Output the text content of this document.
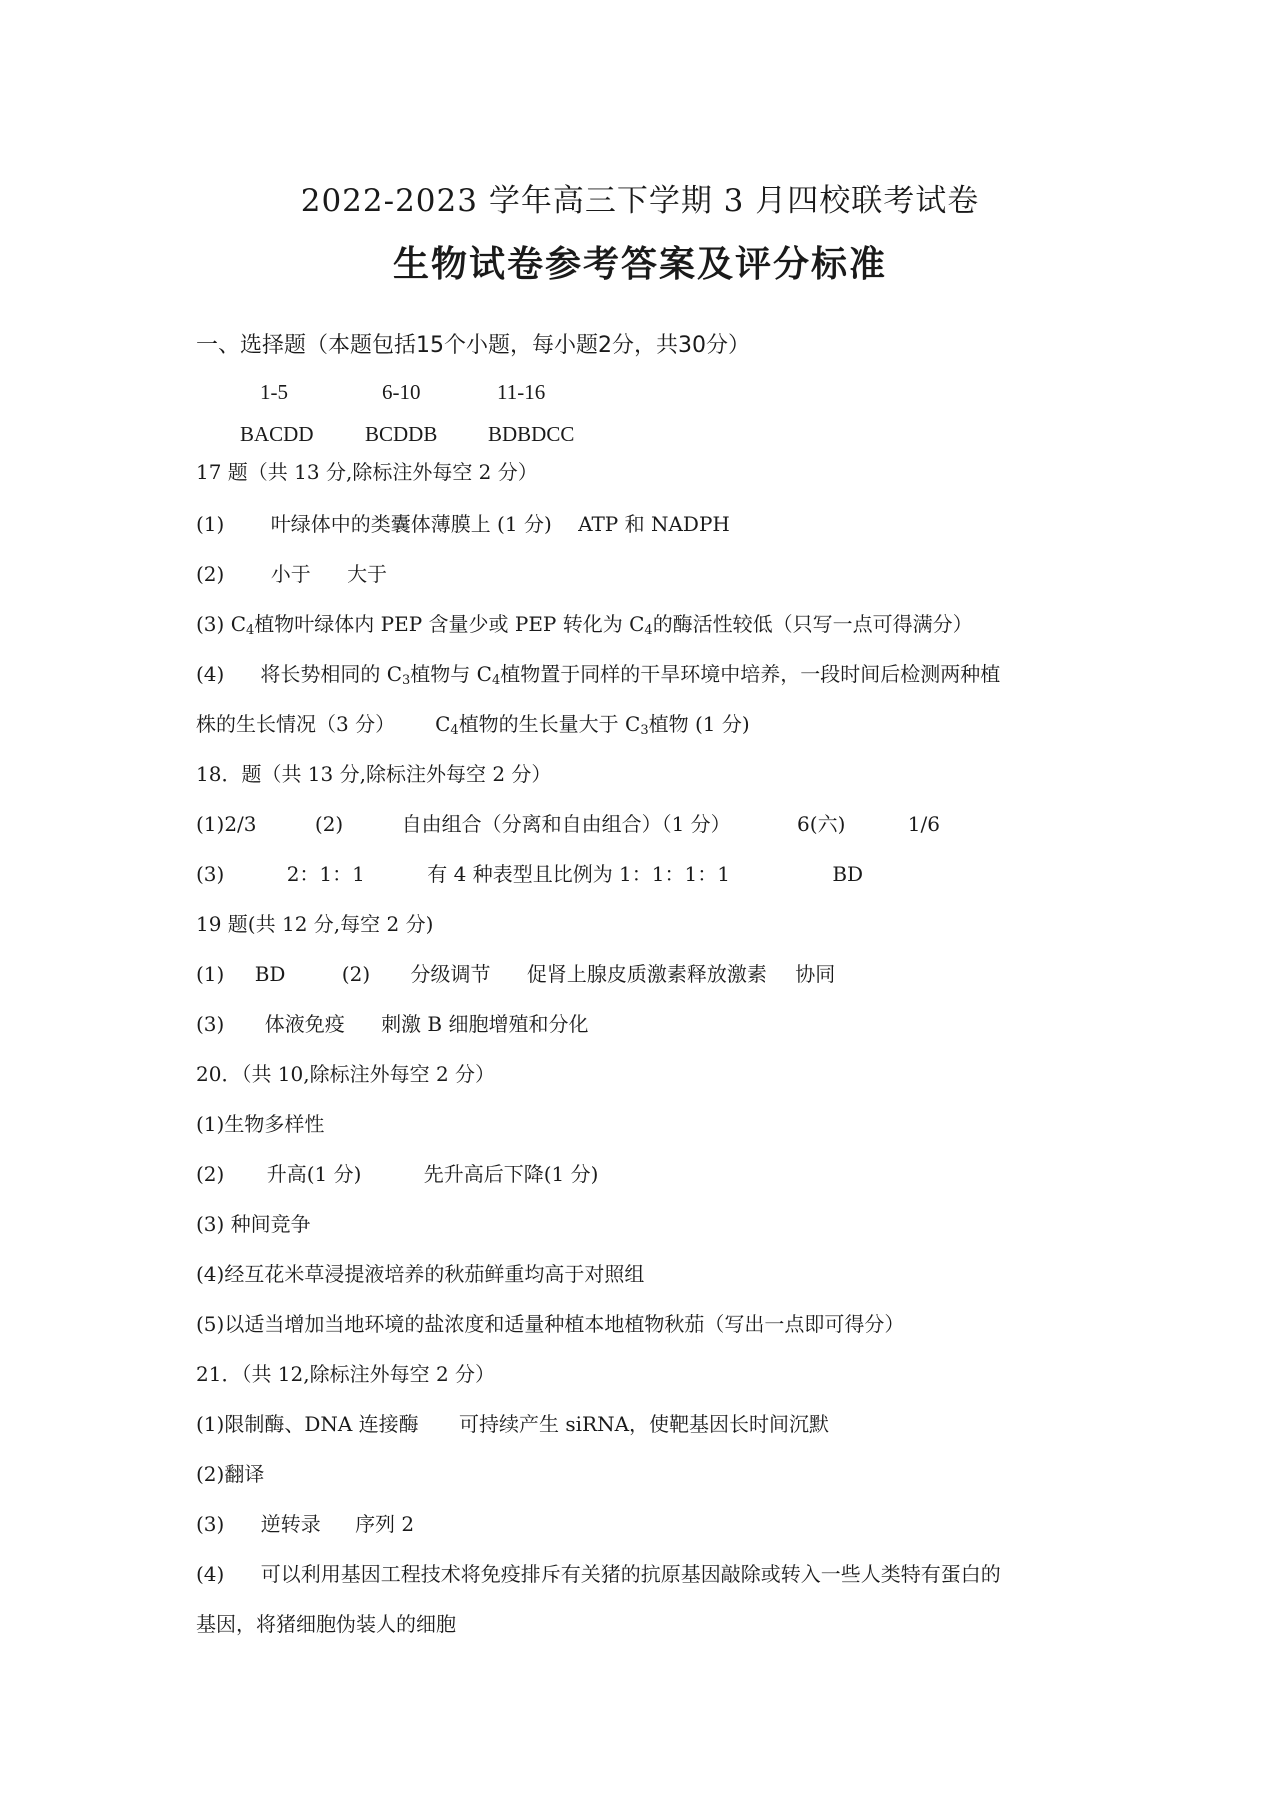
2022-2023 学年高三下学期 3 月四校联考试卷
生物试卷参考答案及评分标准
一、选择题（本题包括15个小题，每小题2分，共30分）
1-5	6-10	11-16
BACDD BCDDB BDBDCC
17 题（共 13 分,除标注外每空 2 分）
(1) 叶绿体中的类囊体薄膜上 (1 分) ATP 和 NADPH
(2) 小于 大于
(3) $C_4$植物叶绿体内 PEP 含量少或 PEP 转化为 $C_4$的酶活性较低（只写一点可得满分）
(4) 将长势相同的 $C_3$植物与 $C_4$植物置于同样的干旱环境中培养，一段时间后检测两种植
株的生长情况（3 分） $C_4$植物的生长量大于 $C_3$植物 (1 分)
18．题（共 13 分,除标注外每空 2 分）
(1)2/3	(2)	自由组合（分离和自由组合）（1 分）	6(六)	1/6
(3)	2：1：1	有 4 种表型且比例为 1：1：1：1	BD
19 题(共 12 分,每空 2 分)
(1) BD	(2) 分级调节 促肾上腺皮质激素释放激素 协同
(3) 体液免疫 刺激 B 细胞增殖和分化
20．（共 10,除标注外每空 2 分）
(1)生物多样性
(2) 升高(1 分)	先升高后下降(1 分)
(3) 种间竞争
(4)经互花米草浸提液培养的秋茄鲜重均高于对照组
(5)以适当增加当地环境的盐浓度和适量种植本地植物秋茄（写出一点即可得分）
21．（共 12,除标注外每空 2 分）
(1)限制酶、DNA 连接酶 可持续产生 siRNA，使靶基因长时间沉默
(2)翻译
(3) 逆转录 序列 2
(4) 可以利用基因工程技术将免疫排斥有关猪的抗原基因敲除或转入一些人类特有蛋白的
基因，将猪细胞伪装人的细胞
